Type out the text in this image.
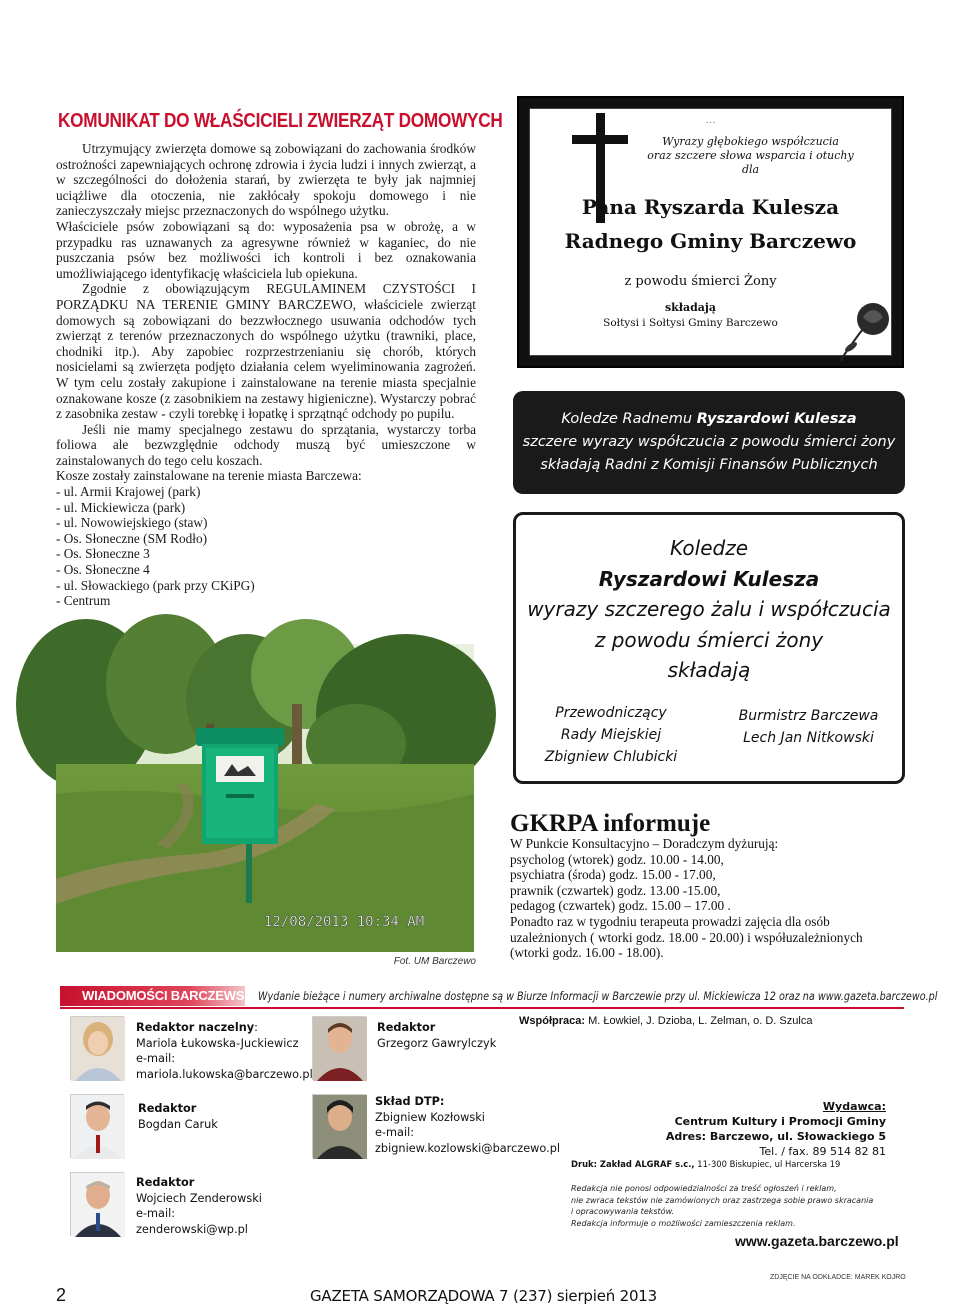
KOMUNIKAT DO WŁAŚCICIELI ZWIERZĄT DOMOWYCH

Utrzymujący zwierzęta domowe są zobowiązani do zachowania środków ostrożności zapewniających ochronę zdrowia i życia ludzi i innych zwierząt, a w szczególności do dołożenia starań, by zwierzęta te były jak najmniej uciążliwe dla otoczenia, nie zakłócały spokoju domowego i nie zanieczyszczały miejsc przeznaczonych do wspólnego użytku.

Właściciele psów zobowiązani są do: wyposażenia psa w obrożę, a w przypadku ras uznawanych za agresywne również w kaganiec, do nie puszczania psów bez możliwości ich kontroli i bez oznakowania umożliwiającego identyfikację właściciela lub opiekuna.

Zgodnie z obowiązującym REGULAMINEM CZYSTOŚCI I PORZĄDKU NA TERENIE GMINY BARCZEWO, właściciele zwierząt domowych są zobowiązani do bezzwłocznego usuwania odchodów tych zwierząt z terenów przeznaczonych do wspólnego użytku (trawniki, place, chodniki itp.). Aby zapobiec rozprzestrzenianiu się chorób, których nosicielami są zwierzęta podjęto działania celem wyeliminowania zagrożeń. W tym celu zostały zakupione i zainstalowane na terenie miasta specjalnie oznakowane kosze (z zasobnikiem na zestawy higieniczne). Wystarczy pobrać z zasobnika zestaw - czyli torebkę i łopatkę i sprzątnąć odchody po pupilu.

Jeśli nie mamy specjalnego zestawu do sprzątania, wystarczy torba foliowa ale bezwzględnie odchody muszą być umieszczone w zainstalowanych do tego celu koszach.

Kosze zostały zainstalowane na terenie miasta Barczewa:

- ul. Armii Krajowej (park)
- ul. Mickiewicza (park)
- ul. Nowowiejskiego (staw)
- Os. Słoneczne (SM Rodło)
- Os. Słoneczne 3
- Os. Słoneczne 4
- ul. Słowackiego (park przy CKiPG)
- Centrum
12/08/2013 10:34 AM
Fot. UM Barczewo
…
Wyrazy głębokiego współczucia
oraz szczere słowa wsparcia i otuchy
dla
Pana Ryszarda Kulesza
Radnego Gminy Barczewo
z powodu śmierci Żony
składają
Sołtysi i Sołtysi Gminy Barczewo
Koledze Radnemu Ryszardowi Kulesza
szczere wyrazy współczucia z powodu śmierci żony
składają Radni z Komisji Finansów Publicznych
Koledze
Ryszardowi Kulesza
wyrazy szczerego żalu i współczucia
z powodu śmierci żony
składają
Przewodniczący
Rady Miejskiej
Zbigniew Chlubicki
Burmistrz Barczewa
Lech Jan Nitkowski
GKRPA informuje
W Punkcie Konsultacyjno – Doradczym dyżurują:
psycholog (wtorek) godz. 10.00 - 14.00,
psychiatra (środa) godz. 15.00 - 17.00,
prawnik (czwartek) godz. 13.00 -15.00,
pedagog (czwartek) godz. 15.00 – 17.00 .
Ponadto raz w tygodniu terapeuta prowadzi zajęcia dla osób
uzależnionych ( wtorki godz. 18.00 - 20.00) i współuzależnionych
(wtorki godz. 16.00 - 18.00).
WIADOMOŚCI BARCZEWSKIE
Wydanie bieżące i numery archiwalne dostępne są w Biurze Informacji w Barczewie przy ul. Mickiewicza 12 oraz na www.gazeta.barczewo.pl
Redaktor naczelny:
Mariola Łukowska-Juckiewicz
e-mail:
mariola.lukowska@barczewo.pl
Redaktor
Grzegorz Gawrylczyk
Redaktor
Bogdan Caruk
Skład DTP:
Zbigniew Kozłowski
e-mail:
zbigniew.kozlowski@barczewo.pl
Redaktor
Wojciech Zenderowski
e-mail:
zenderowski@wp.pl
Współpraca: M. Łowkiel, J. Dzioba, L. Zelman, o. D. Szulca
Wydawca:
Centrum Kultury i Promocji Gminy
Adres: Barczewo, ul. Słowackiego 5
Tel. / fax. 89 514 82 81
Druk: Zakład ALGRAF s.c., 11-300 Biskupiec, ul Harcerska 19
Redakcja nie ponosi odpowiedzialności za treść ogłoszeń i reklam,
nie zwraca tekstów nie zamówionych oraz zastrzega sobie prawo skracania
i opracowywania tekstów.
Redakcja informuje o możliwości zamieszczenia reklam.
www.gazeta.barczewo.pl
ZDJĘCIE NA ODKŁADCE: MAREK KOJRO
2	GAZETA SAMORZĄDOWA 7 (237) sierpień 2013
